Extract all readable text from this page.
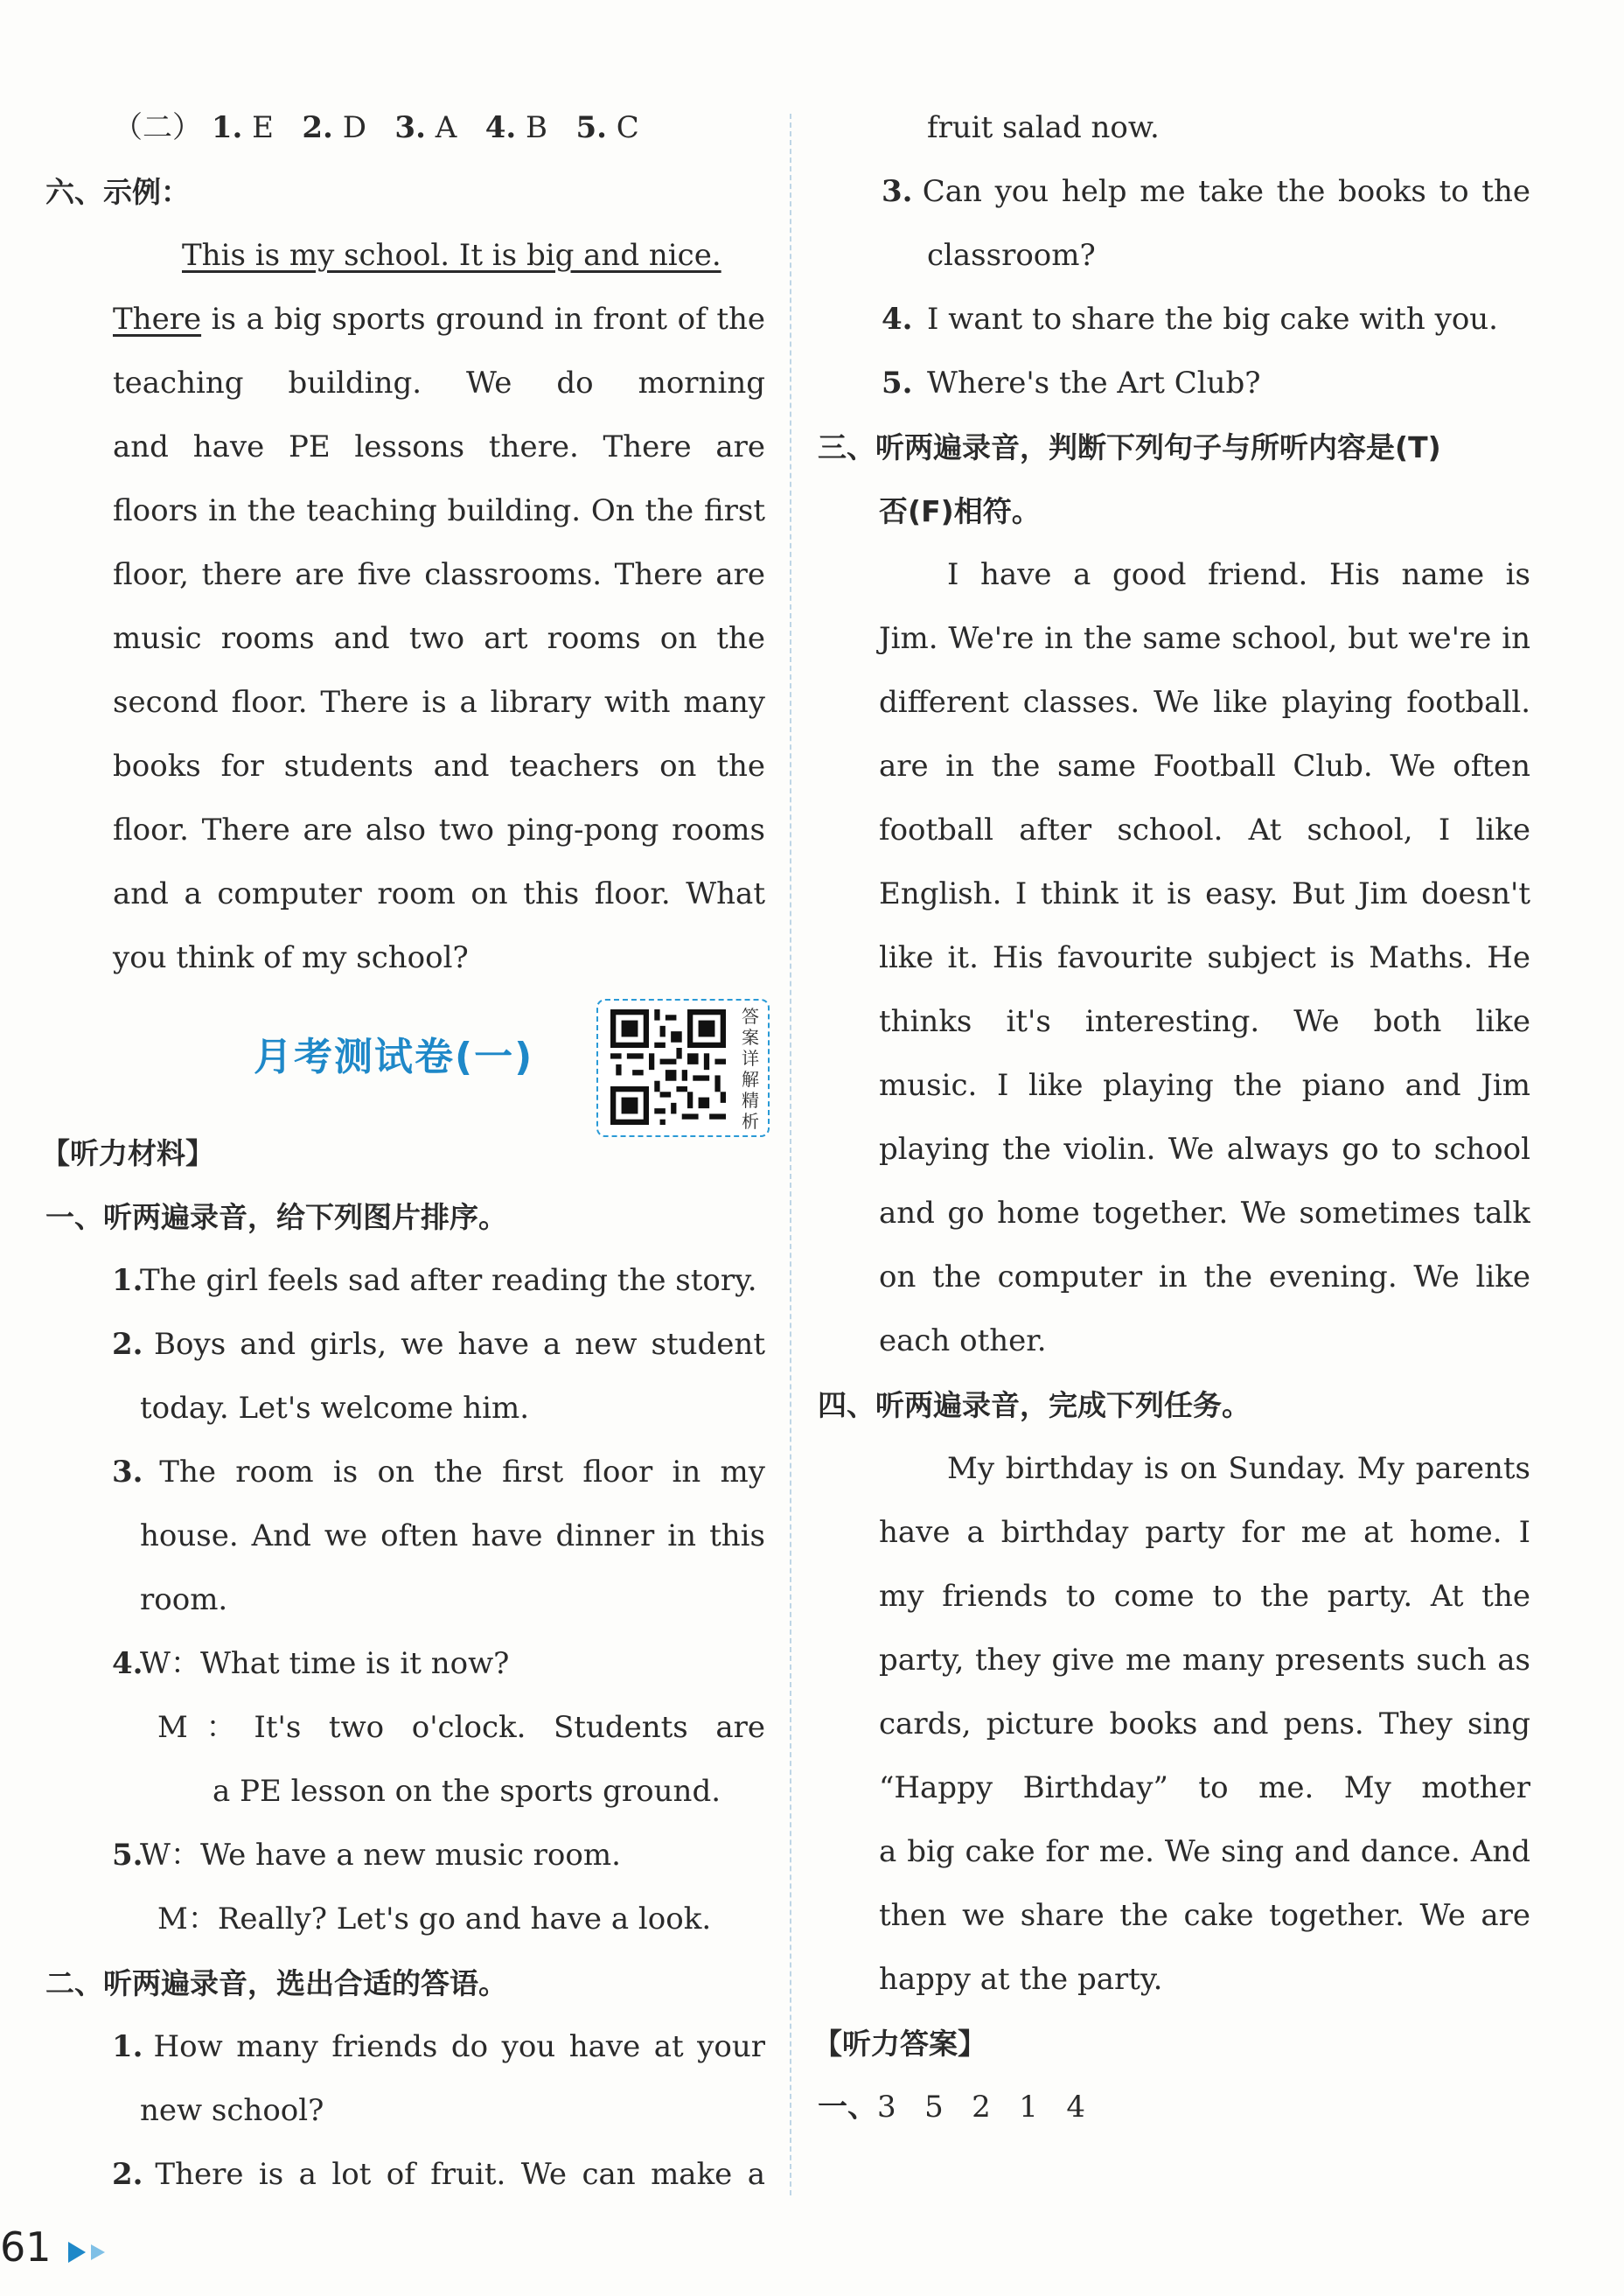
（二） 1. E 2. D 3. A 4. B 5. C
六、示例：
This is my school. It is big and nice.
There is a big sports ground in front of the
teaching building. We do morning
and have PE lessons there. There are
floors in the teaching building. On the first
floor, there are five classrooms. There are
music rooms and two art rooms on the
second floor. There is a library with many
books for students and teachers on the
floor. There are also two ping-pong rooms
and a computer room on this floor. What
you think of my school?
月考测试卷(一)
答
案
详
解
精
析
【听力材料】
一、听两遍录音，给下列图片排序。
1.The girl feels sad after reading the story.
2. Boys and girls, we have a new student
today. Let's welcome him.
3. The room is on the first floor in my
house. And we often have dinner in this
room.
4.W：What time is it now?
M：It's two o'clock. Students are
a PE lesson on the sports ground.
5.W：We have a new music room.
M：Really? Let's go and have a look.
二、听两遍录音，选出合适的答语。
1. How many friends do you have at your
new school?
2. There is a lot of fruit. We can make a
fruit salad now.
3. Can you help me take the books to the
classroom?
4. I want to share the big cake with you.
5. Where's the Art Club?
三、听两遍录音，判断下列句子与所听内容是(T)
否(F)相符。
I have a good friend. His name is
Jim. We're in the same school, but we're in
different classes. We like playing football.
are in the same Football Club. We often
football after school. At school, I like
English. I think it is easy. But Jim doesn't
like it. His favourite subject is Maths. He
thinks it's interesting. We both like
music. I like playing the piano and Jim
playing the violin. We always go to school
and go home together. We sometimes talk
on the computer in the evening. We like
each other.
四、听两遍录音，完成下列任务。
My birthday is on Sunday. My parents
have a birthday party for me at home. I
my friends to come to the party. At the
party, they give me many presents such as
cards, picture books and pens. They sing
“Happy Birthday” to me. My mother
a big cake for me. We sing and dance. And
then we share the cake together. We are
happy at the party.
【听力答案】
一、3 5 2 1 4
61
